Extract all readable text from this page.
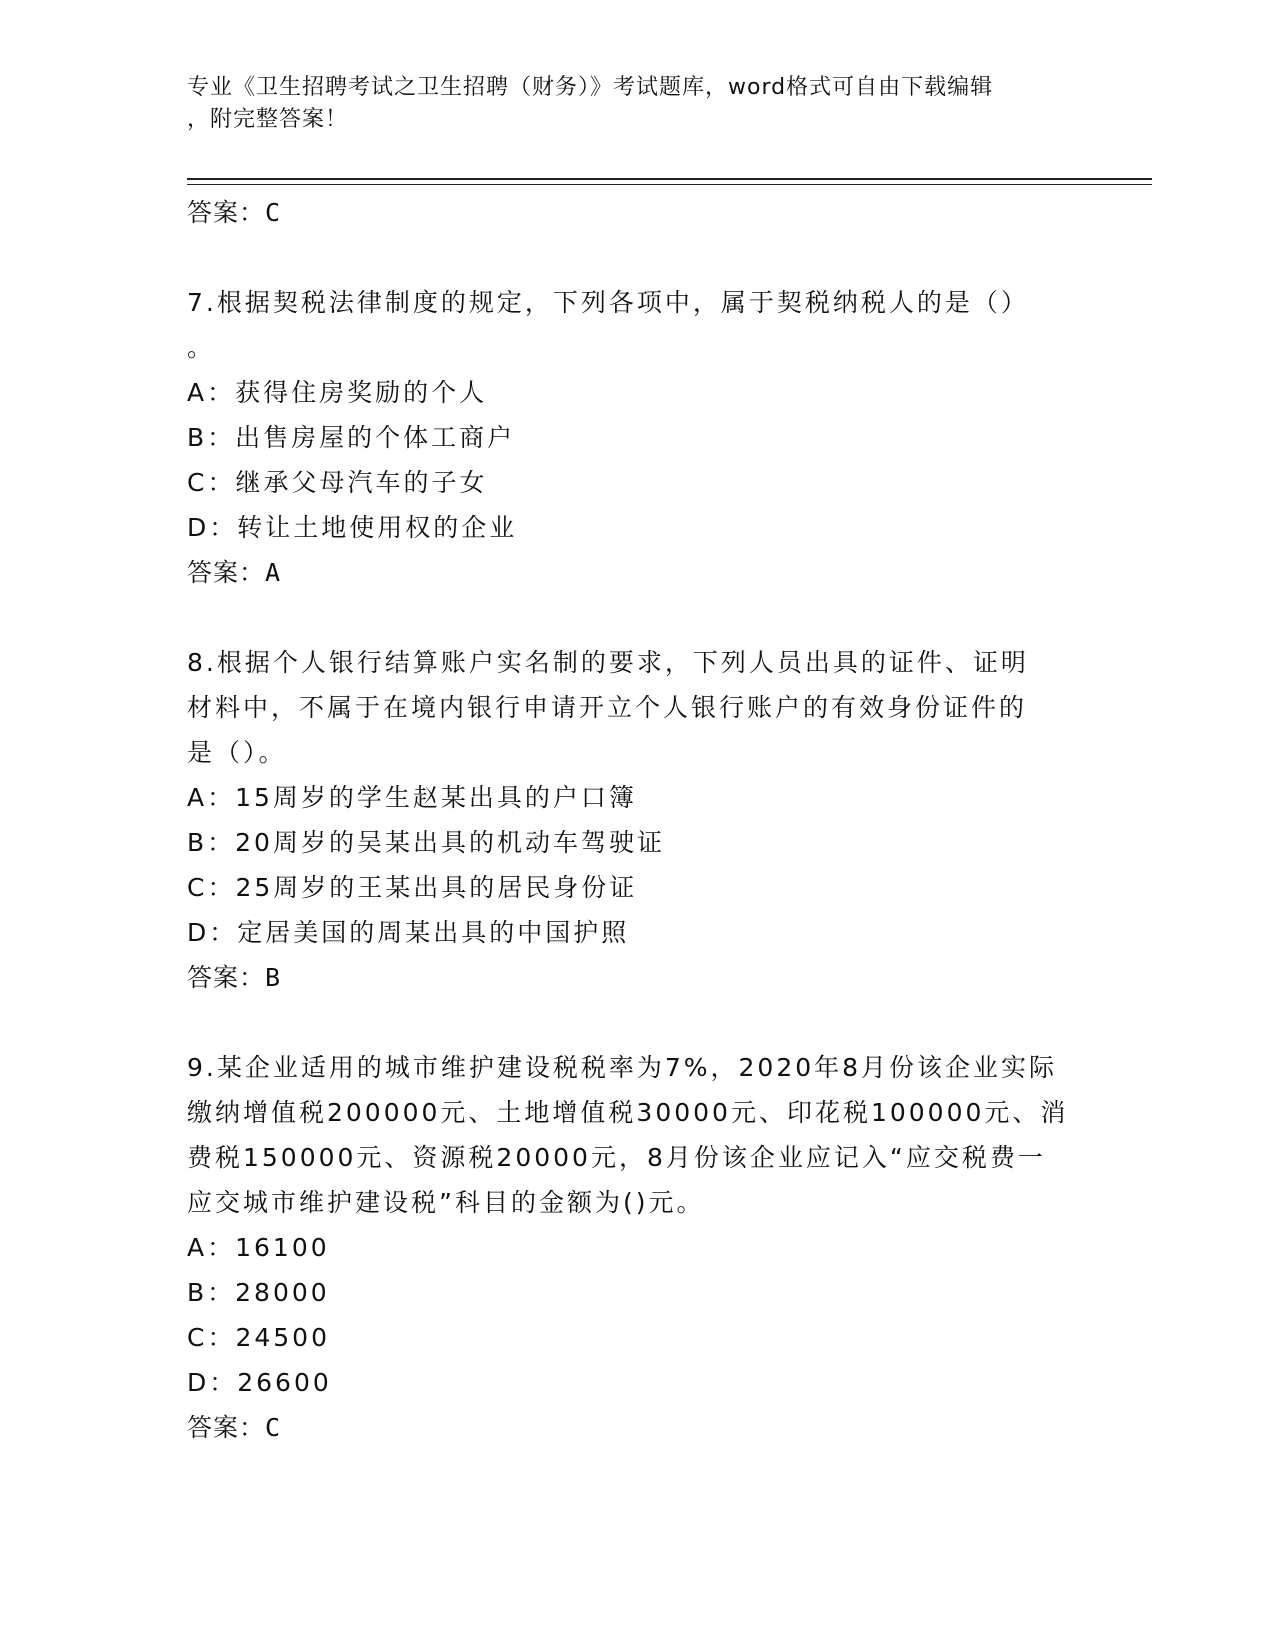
专业《卫生招聘考试之卫生招聘（财务）》考试题库，word格式可自由下载编辑
，附完整答案！
答案：C
7.根据契税法律制度的规定，下列各项中，属于契税纳税人的是（）
。
A：获得住房奖励的个人
B：出售房屋的个体工商户
C：继承父母汽车的子女
D：转让土地使用权的企业
答案：A
8.根据个人银行结算账户实名制的要求，下列人员出具的证件、证明
材料中，不属于在境内银行申请开立个人银行账户的有效身份证件的
是（）。
A：15周岁的学生赵某出具的户口簿
B：20周岁的吴某出具的机动车驾驶证
C：25周岁的王某出具的居民身份证
D：定居美国的周某出具的中国护照
答案：B
9.某企业适用的城市维护建设税税率为7%，2020年8月份该企业实际
缴纳增值税200000元、土地增值税30000元、印花税100000元、消
费税150000元、资源税20000元，8月份该企业应记入“应交税费一
应交城市维护建设税”科目的金额为()元。
A：16100
B：28000
C：24500
D：26600
答案：C
